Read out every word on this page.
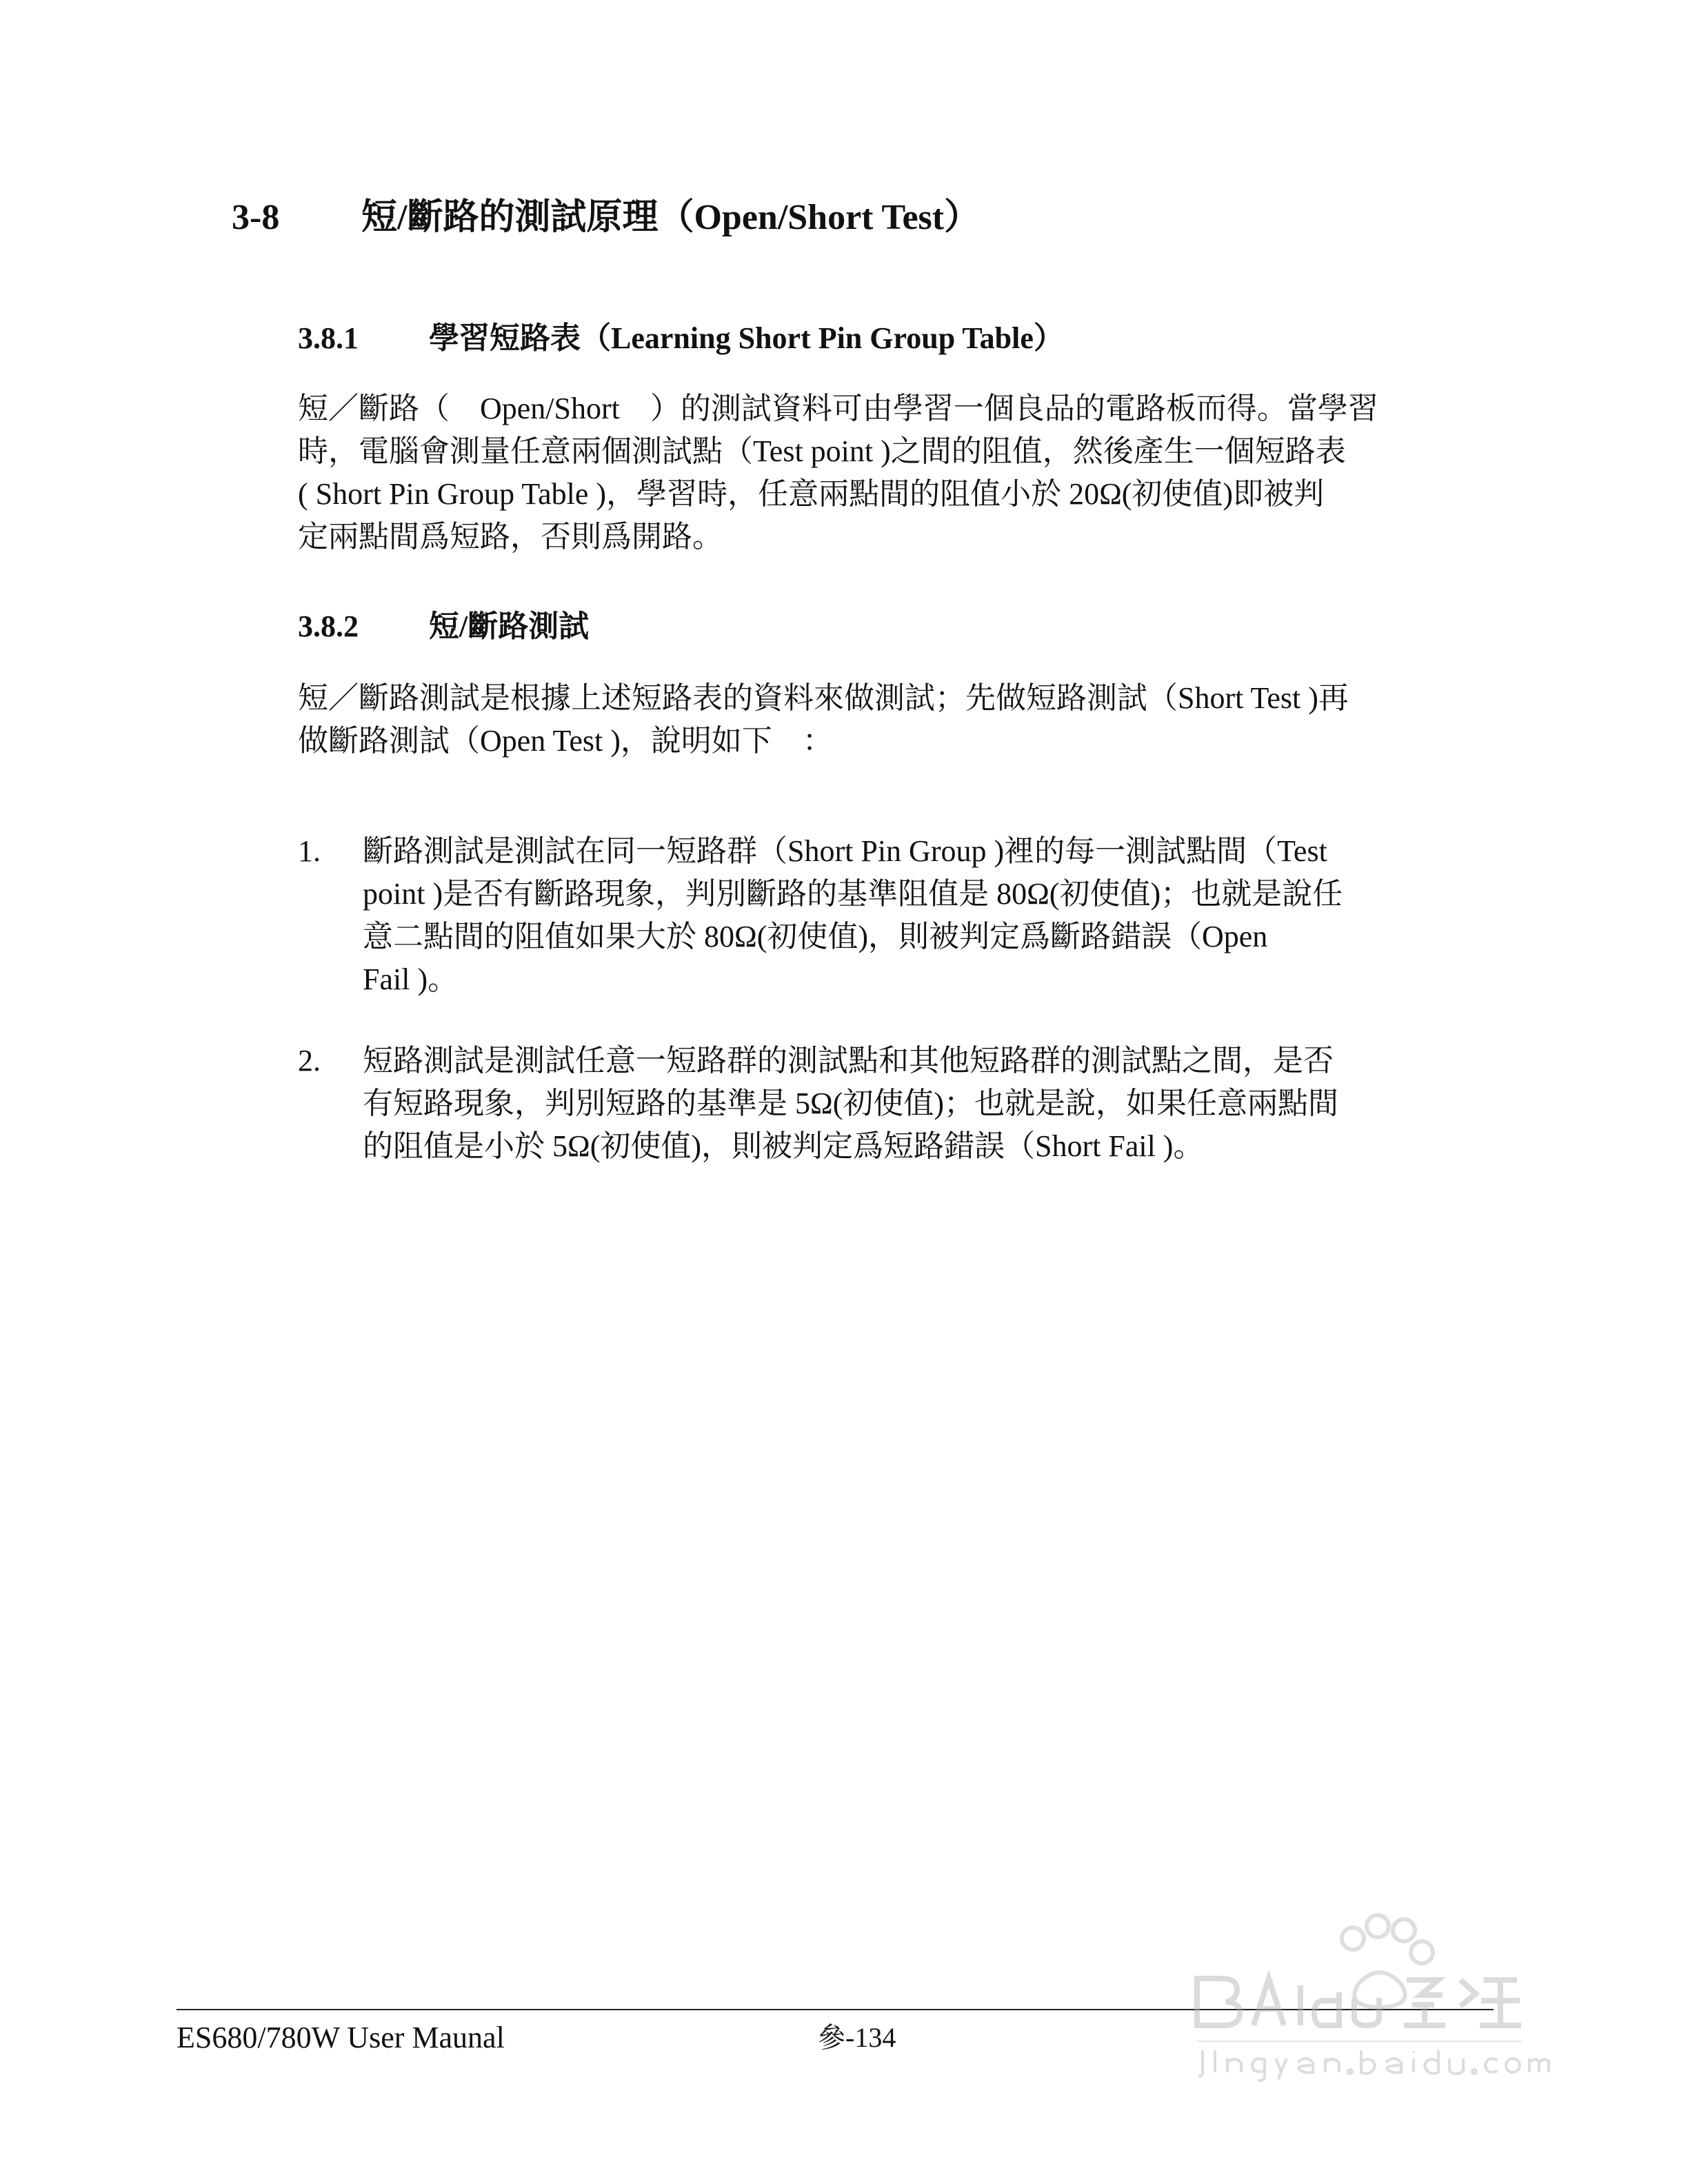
3-8 短/斷路的測試原理（Open/Short Test）
3.8.1 學習短路表（Learning Short Pin Group Table）
短／斷路（　Open/Short　）的測試資料可由學習一個良品的電路板而得。當學習
時，電腦會測量任意兩個測試點（Test point )之間的阻值，然後產生一個短路表
( Short Pin Group Table )，學習時，任意兩點間的阻值小於 20Ω(初使值)即被判
定兩點間爲短路，否則爲開路。
3.8.2 短/斷路測試
短／斷路測試是根據上述短路表的資料來做測試；先做短路測試（Short Test )再
做斷路測試（Open Test )，說明如下　：
1. 斷路測試是測試在同一短路群（Short Pin Group )裡的每一測試點間（Test
point )是否有斷路現象，判別斷路的基準阻值是 80Ω(初使值)；也就是說任
意二點間的阻值如果大於 80Ω(初使值)，則被判定爲斷路錯誤（Open
Fail )。
2. 短路測試是測試任意一短路群的測試點和其他短路群的測試點之間，是否
有短路現象，判別短路的基準是 5Ω(初使值)；也就是說，如果任意兩點間
的阻值是小於 5Ω(初使值)，則被判定爲短路錯誤（Short Fail )。
ES680/780W User Maunal	參-134
